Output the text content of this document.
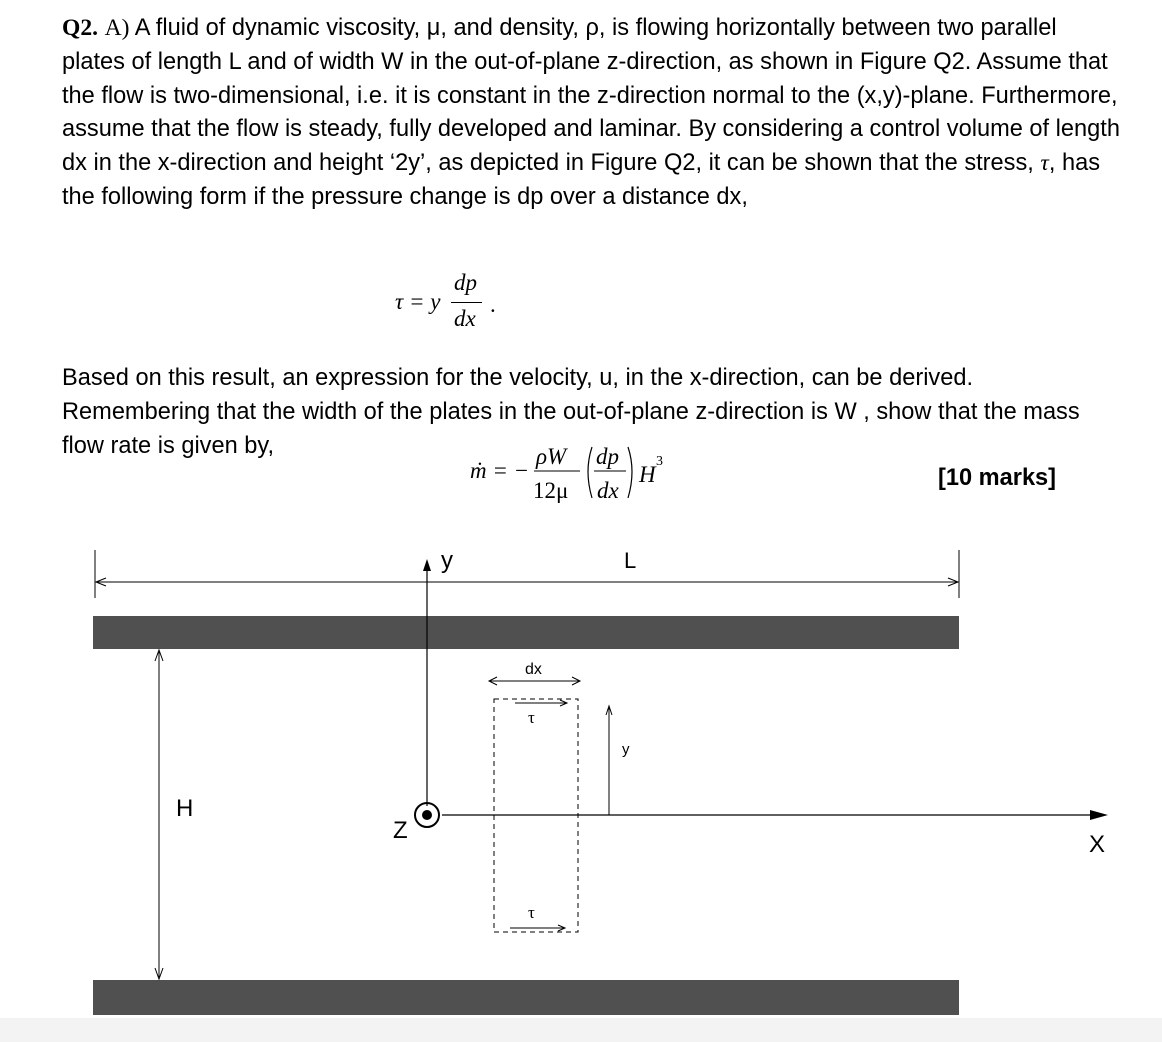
Q2. A) A fluid of dynamic viscosity, μ, and density, ρ, is flowing horizontally between two parallel plates of length L and of width W in the out-of-plane z-direction, as shown in Figure Q2. Assume that the flow is two-dimensional, i.e. it is constant in the z-direction normal to the (x,y)-plane. Furthermore, assume that the flow is steady, fully developed and laminar. By considering a control volume of length dx in the x-direction and height ‘2y’, as depicted in Figure Q2, it can be shown that the stress, τ, has the following form if the pressure change is dp over a distance dx,
τ = y
dp
dx
.
Based on this result, an expression for the velocity, u, in the x-direction, can be derived. Remembering that the width of the plates in the out-of-plane z-direction is W , show that the mass flow rate is given by,
ṁ = −
ρW
12μ
dp
dx
H
3
[10 marks]
L
y
X
Z
H
dx
τ
τ
y
